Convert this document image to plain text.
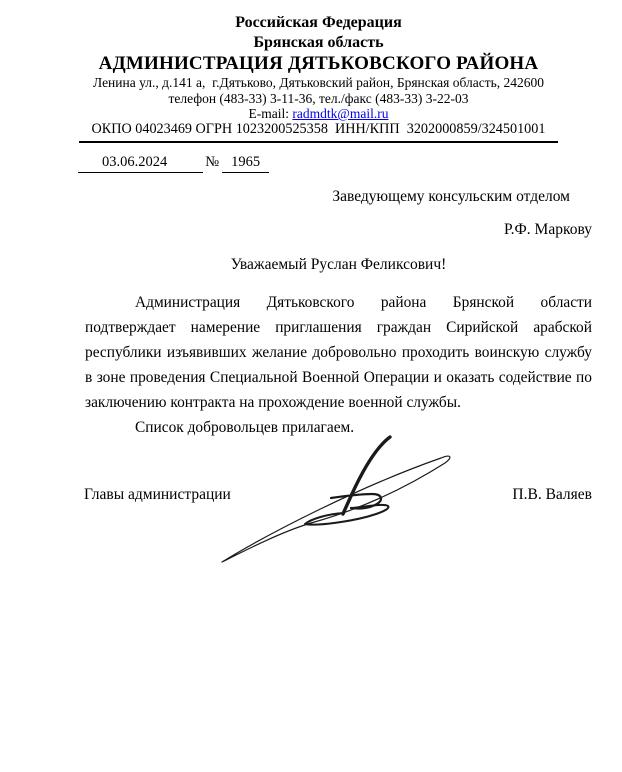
Российская Федерация
Брянская область
АДМИНИСТРАЦИЯ ДЯТЬКОВСКОГО РАЙОНА
Ленина ул., д.141 а,  г.Дятьково, Дятьковский район, Брянская область, 242600
телефон (483-33) 3-11-36, тел./факс (483-33) 3-22-03
E-mail: radmdtk@mail.ru
ОКПО 04023469 ОГРН 1023200525358  ИНН/КПП  3202000859/324501001
03.06.2024	№ 1965
Заведующему консульским отделом
Р.Ф. Маркову
Уважаемый Руслан Феликсович!

Администрация Дятьковского района Брянской области подтверждает намерение приглашения граждан Сирийской арабской республики изъявивших желание добровольно проходить воинскую службу в зоне проведения Специальной Военной Операции и оказать содействие по заключению контракта на прохождение военной службы.

Список добровольцев прилагаем.

Главы администрации	П.В. Валяев
